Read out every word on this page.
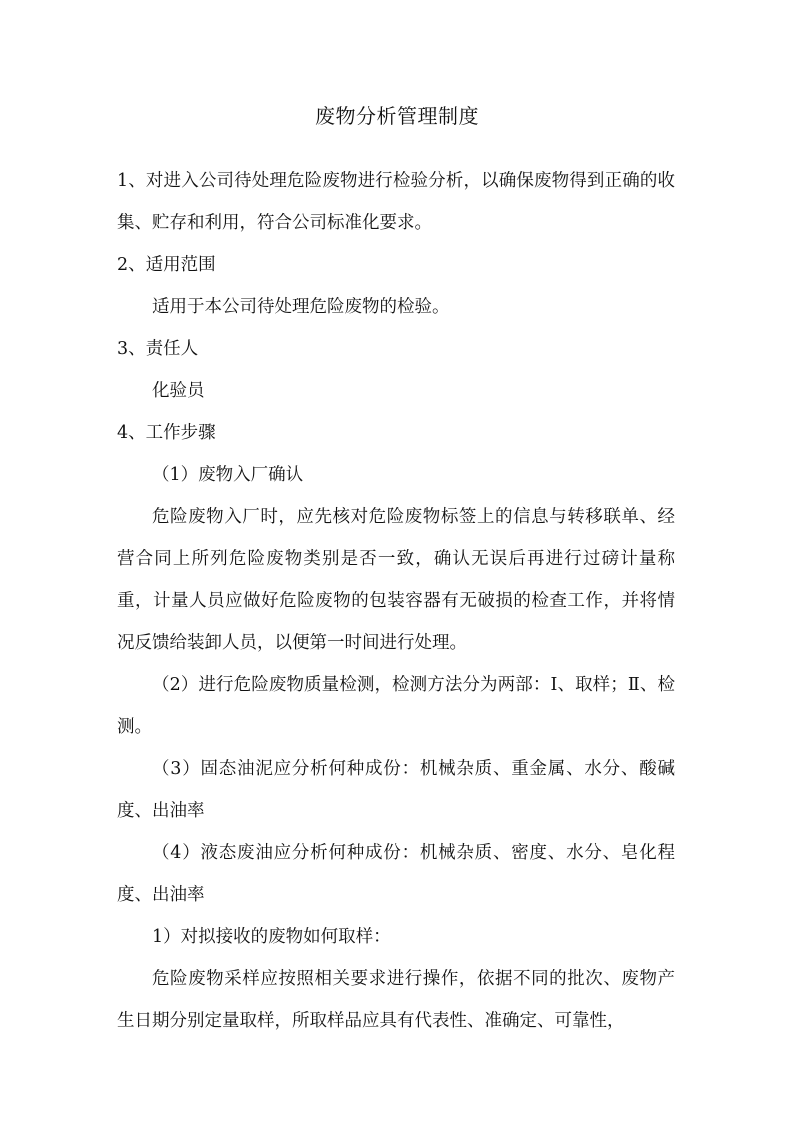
废物分析管理制度

1、对进入公司待处理危险废物进行检验分析，以确保废物得到正确的收集、贮存和利用，符合公司标准化要求。

2、适用范围

适用于本公司待处理危险废物的检验。

3、责任人

化验员

4、工作步骤

（1）废物入厂确认

危险废物入厂时，应先核对危险废物标签上的信息与转移联单、经营合同上所列危险废物类别是否一致，确认无误后再进行过磅计量称重，计量人员应做好危险废物的包装容器有无破损的检查工作，并将情况反馈给装卸人员，以便第一时间进行处理。

（2）进行危险废物质量检测，检测方法分为两部：Ⅰ、取样；Ⅱ、检测。

（3）固态油泥应分析何种成份：机械杂质、重金属、水分、酸碱度、出油率

（4）液态废油应分析何种成份：机械杂质、密度、水分、皂化程度、出油率

1）对拟接收的废物如何取样：

危险废物采样应按照相关要求进行操作，依据不同的批次、废物产生日期分别定量取样，所取样品应具有代表性、准确定、可靠性，
